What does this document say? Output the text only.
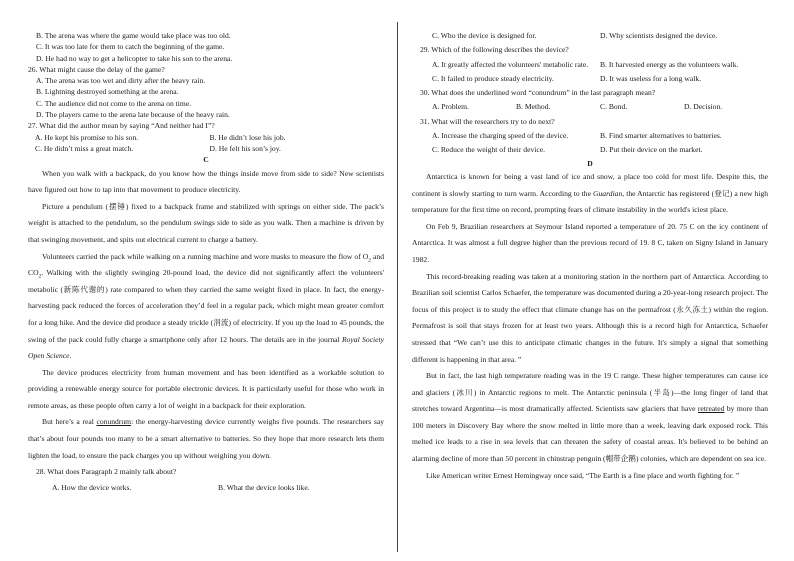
B. The arena was where the game would take place was too old.
C. It was too late for them to catch the beginning of the game.
D. He had no way to get a helicopter to take his son to the arena.
26. What might cause the delay of the game?
A. The arena was too wet and dirty after the heavy rain.
B. Lightning destroyed something at the arena.
C. The audience did not come to the arena on time.
D. The players came to the arena late because of the heavy rain.
27. What did the author mean by saying “And neither had I”?
A. He kept his promise to his son.	B. He didn’t lose his job.
C. He didn’t miss a great match.	D. He felt his son’s joy.
C

When you walk with a backpack, do you know how the things inside move from side to side? New scientists have figured out how to tap into that movement to produce electricity.

Picture a pendulum (摆锤) fixed to a backpack frame and stabilized with springs on either side. The pack’s weight is attached to the pendulum, so the pendulum swings side to side as you walk. Then a machine is driven by that swinging movement, and spits out electrical current to charge a battery.

Volunteers carried the pack while walking on a running machine and wore masks to measure the flow of $O_2$ and $CO_2$. Walking with the slightly swinging 20-pound load, the device did not significantly affect the volunteers' metabolic (新陈代谢的) rate compared to when they carried the same weight fixed in place. In fact, the energy-harvesting pack reduced the forces of acceleration they’d feel in a regular pack, which might mean greater comfort for a long hike. And the device did produce a steady trickle (涓流) of electricity. If you up the load to 45 pounds, the swing of the pack could fully charge a smartphone only after 12 hours. The details are in the journal Royal Society Open Science.

The device produces electricity from human movement and has been identified as a workable solution to providing a renewable energy source for portable electronic devices. It is particularly useful for those who work in remote areas, as these people often carry a lot of weight in a backpack for their exploration.

But here’s a real conundrum: the energy-harvesting device currently weighs five pounds. The researchers say that’s about four pounds too many to be a smart alternative to batteries. So they hope that more research lets them lighten the load, to ensure the pack charges you up without weighing you down.

28. What does Paragraph 2 mainly talk about?
A. How the device works.	B. What the device looks like.
C. Who the device is designed for.	D. Why scientists designed the device.
29. Which of the following describes the device?
A. It greatly affected the volunteers' metabolic rate.	B. It harvested energy as the volunteers walk.
C. It failed to produce steady electricity.	D. It was useless for a long walk.
30. What does the underlined word “conundrum” in the last paragraph mean?
A. Problem.	B. Method.	C. Bond.	D. Decision.
31. What will the researchers try to do next?
A. Increase the charging speed of the device.	B. Find smarter alternatives to batteries.
C. Reduce the weight of their device.	D. Put their device on the market.
D

Antarctica is known for being a vast land of ice and snow, a place too cold for most life. Despite this, the continent is slowly starting to turn warm. According to the Guardian, the Antarctic has registered (登记) a new high temperature for the first time on record, prompting fears of climate instability in the world's iciest place.

On Feb 9, Brazilian researchers at Seymour Island reported a temperature of 20. 75 C on the icy continent of Antarctica. It was almost a full degree higher than the previous record of 19. 8 C, taken on Signy Island in January 1982.

This record-breaking reading was taken at a monitoring station in the northern part of Antarctica. According to Brazilian soil scientist Carlos Schaefer, the temperature was documented during a 20-year-long research project. The focus of this project is to study the effect that climate change has on the permafrost (永久冻土) within the region. Permafrost is soil that stays frozen for at least two years. Although this is a record high for Antarctica, Schaefer stressed that “We can’t use this to anticipate climatic changes in the future. It's simply a signal that something different is happening in that area. ”

But in fact, the last high temperature reading was in the 19 C range. These higher temperatures can cause ice and glaciers (冰川) in Antarctic regions to melt. The Antarctic peninsula (半岛)—the long finger of land that stretches toward Argentina—is most dramatically affected. Scientists saw glaciers that have retreated by more than 100 meters in Discovery Bay where the snow melted in little more than a week, leaving dark exposed rock. This melted ice leads to a rise in sea levels that can threaten the safety of coastal areas. It's believed to be behind an alarming decline of more than 50 percent in chinstrap penguin (帽带企鹅) colonies, which are dependent on sea ice.

Like American writer Ernest Hemingway once said, “The Earth is a fine place and worth fighting for. ”
